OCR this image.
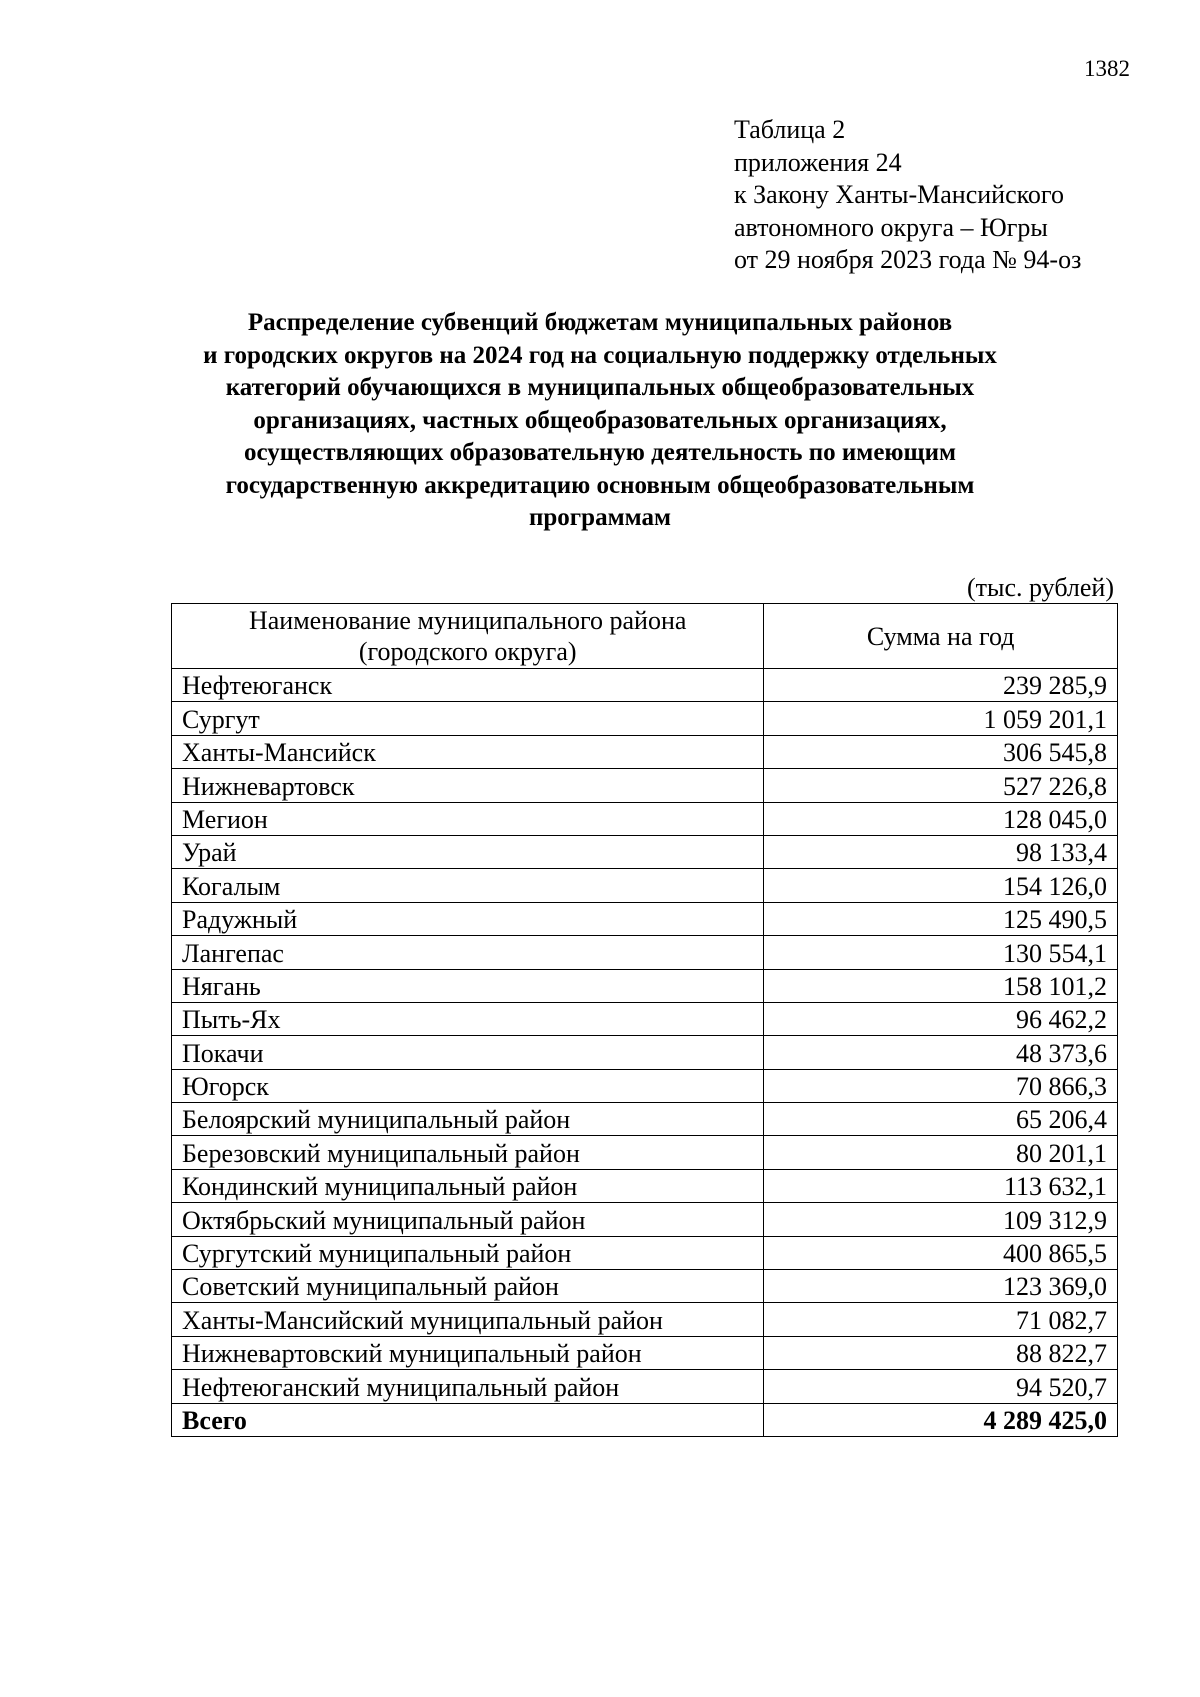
1382
Таблица 2
приложения 24
к Закону Ханты-Мансийского
автономного округа – Югры
от 29 ноября 2023 года № 94-оз
Распределение субвенций бюджетам муниципальных районов
и городских округов на 2024 год на социальную поддержку отдельных
категорий обучающихся в муниципальных общеобразовательных
организациях, частных общеобразовательных организациях,
осуществляющих образовательную деятельность по имеющим
государственную аккредитацию основным общеобразовательным
программам
(тыс. рублей)
Наименование муниципального района
(городского округа)	Сумма на год
Нефтеюганск	239 285,9
Сургут	1 059 201,1
Ханты-Мансийск	306 545,8
Нижневартовск	527 226,8
Мегион	128 045,0
Урай	98 133,4
Когалым	154 126,0
Радужный	125 490,5
Лангепас	130 554,1
Нягань	158 101,2
Пыть-Ях	96 462,2
Покачи	48 373,6
Югорск	70 866,3
Белоярский муниципальный район	65 206,4
Березовский муниципальный район	80 201,1
Кондинский муниципальный район	113 632,1
Октябрьский муниципальный район	109 312,9
Сургутский муниципальный район	400 865,5
Советский муниципальный район	123 369,0
Ханты-Мансийский муниципальный район	71 082,7
Нижневартовский муниципальный район	88 822,7
Нефтеюганский муниципальный район	94 520,7
Всего	4 289 425,0
